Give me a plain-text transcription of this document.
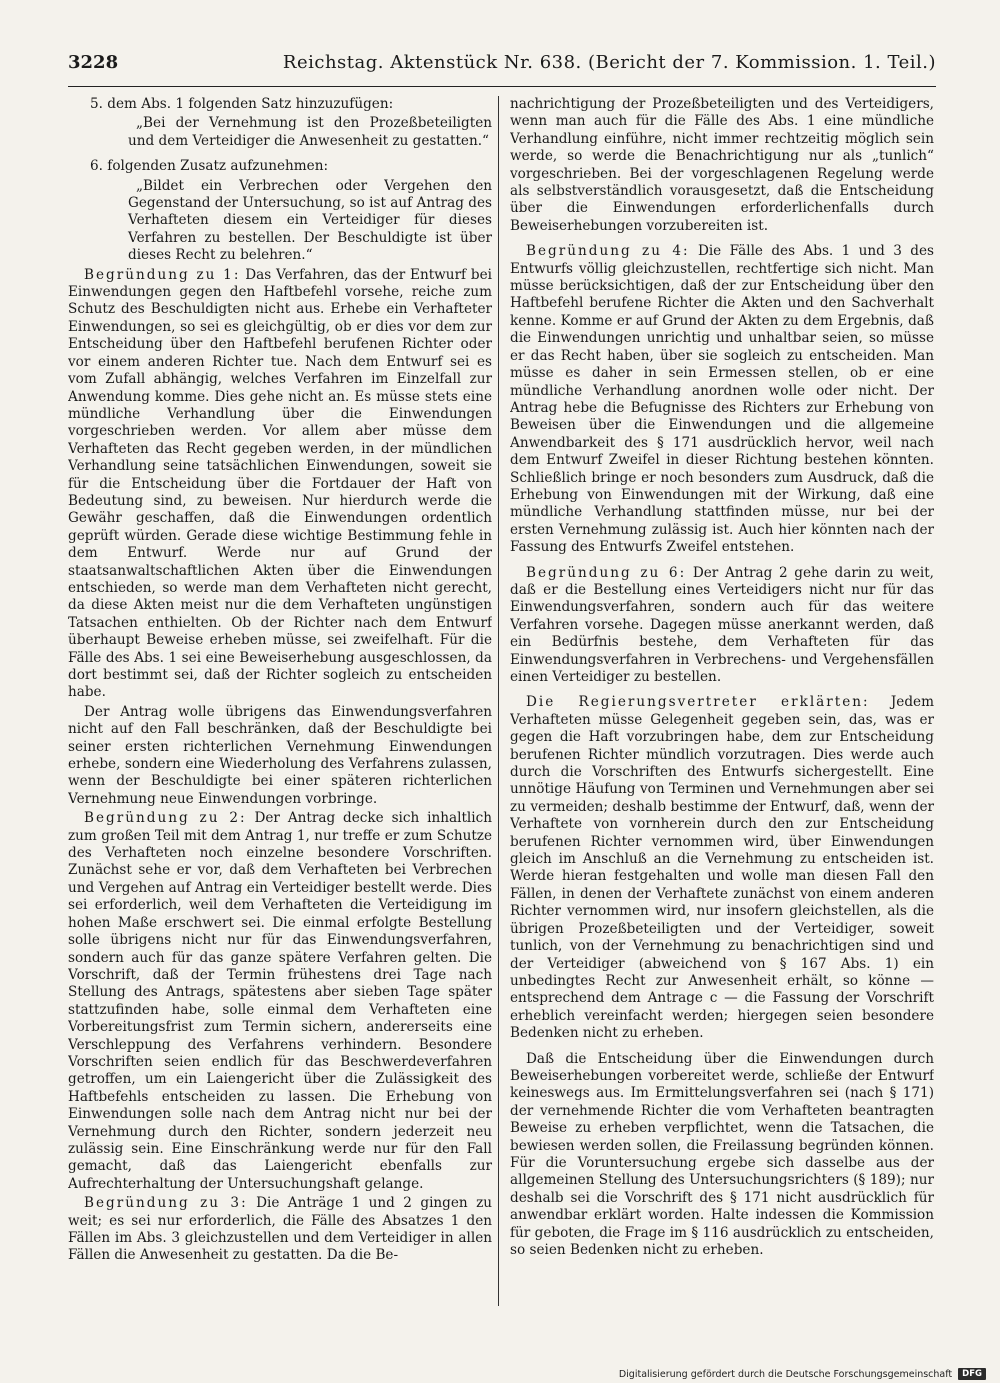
3228	Reichstag. Aktenstück Nr. 638. (Bericht der 7. Kommission. 1. Teil.)

5. dem Abs. 1 folgenden Satz hinzuzufügen:

„Bei der Vernehmung ist den Prozeßbeteiligten und dem Verteidiger die Anwesenheit zu gestatten.“

6. folgenden Zusatz aufzunehmen:

„Bildet ein Verbrechen oder Vergehen den Gegenstand der Untersuchung, so ist auf Antrag des Verhafteten diesem ein Verteidiger für dieses Verfahren zu bestellen. Der Beschuldigte ist über dieses Recht zu belehren.“

Begründung zu 1: Das Verfahren, das der Entwurf bei Einwendungen gegen den Haftbefehl vorsehe, reiche zum Schutz des Beschuldigten nicht aus. Erhebe ein Verhafteter Einwendungen, so sei es gleichgültig, ob er dies vor dem zur Entscheidung über den Haftbefehl berufenen Richter oder vor einem anderen Richter tue. Nach dem Entwurf sei es vom Zufall abhängig, welches Verfahren im Einzelfall zur Anwendung komme. Dies gehe nicht an. Es müsse stets eine mündliche Verhandlung über die Einwendungen vorgeschrieben werden. Vor allem aber müsse dem Verhafteten das Recht gegeben werden, in der mündlichen Verhandlung seine tatsächlichen Einwendungen, soweit sie für die Entscheidung über die Fortdauer der Haft von Bedeutung sind, zu beweisen. Nur hierdurch werde die Gewähr geschaffen, daß die Einwendungen ordentlich geprüft würden. Gerade diese wichtige Bestimmung fehle in dem Entwurf. Werde nur auf Grund der staatsanwaltschaftlichen Akten über die Einwendungen entschieden, so werde man dem Verhafteten nicht gerecht, da diese Akten meist nur die dem Verhafteten ungünstigen Tatsachen enthielten. Ob der Richter nach dem Entwurf überhaupt Beweise erheben müsse, sei zweifelhaft. Für die Fälle des Abs. 1 sei eine Beweiserhebung ausgeschlossen, da dort bestimmt sei, daß der Richter sogleich zu entscheiden habe.

Der Antrag wolle übrigens das Einwendungsverfahren nicht auf den Fall beschränken, daß der Beschuldigte bei seiner ersten richterlichen Vernehmung Einwendungen erhebe, sondern eine Wiederholung des Verfahrens zulassen, wenn der Beschuldigte bei einer späteren richterlichen Vernehmung neue Einwendungen vorbringe.

Begründung zu 2: Der Antrag decke sich inhaltlich zum großen Teil mit dem Antrag 1, nur treffe er zum Schutze des Verhafteten noch einzelne besondere Vorschriften. Zunächst sehe er vor, daß dem Verhafteten bei Verbrechen und Vergehen auf Antrag ein Verteidiger bestellt werde. Dies sei erforderlich, weil dem Verhafteten die Verteidigung im hohen Maße erschwert sei. Die einmal erfolgte Bestellung solle übrigens nicht nur für das Einwendungsverfahren, sondern auch für das ganze spätere Verfahren gelten. Die Vorschrift, daß der Termin frühestens drei Tage nach Stellung des Antrags, spätestens aber sieben Tage später stattzufinden habe, solle einmal dem Verhafteten eine Vorbereitungsfrist zum Termin sichern, andererseits eine Verschleppung des Verfahrens verhindern. Besondere Vorschriften seien endlich für das Beschwerdeverfahren getroffen, um ein Laiengericht über die Zulässigkeit des Haftbefehls entscheiden zu lassen. Die Erhebung von Einwendungen solle nach dem Antrag nicht nur bei der Vernehmung durch den Richter, sondern jederzeit neu zulässig sein. Eine Einschränkung werde nur für den Fall gemacht, daß das Laiengericht ebenfalls zur Aufrechterhaltung der Untersuchungshaft gelange.

Begründung zu 3: Die Anträge 1 und 2 gingen zu weit; es sei nur erforderlich, die Fälle des Absatzes 1 den Fällen im Abs. 3 gleichzustellen und dem Verteidiger in allen Fällen die Anwesenheit zu gestatten. Da die Be-

nachrichtigung der Prozeßbeteiligten und des Verteidigers, wenn man auch für die Fälle des Abs. 1 eine mündliche Verhandlung einführe, nicht immer rechtzeitig möglich sein werde, so werde die Benachrichtigung nur als „tunlich“ vorgeschrieben. Bei der vorgeschlagenen Regelung werde als selbstverständlich vorausgesetzt, daß die Entscheidung über die Einwendungen erforderlichenfalls durch Beweiserhebungen vorzubereiten ist.

Begründung zu 4: Die Fälle des Abs. 1 und 3 des Entwurfs völlig gleichzustellen, rechtfertige sich nicht. Man müsse berücksichtigen, daß der zur Entscheidung über den Haftbefehl berufene Richter die Akten und den Sachverhalt kenne. Komme er auf Grund der Akten zu dem Ergebnis, daß die Einwendungen unrichtig und unhaltbar seien, so müsse er das Recht haben, über sie sogleich zu entscheiden. Man müsse es daher in sein Ermessen stellen, ob er eine mündliche Verhandlung anordnen wolle oder nicht. Der Antrag hebe die Befugnisse des Richters zur Erhebung von Beweisen über die Einwendungen und die allgemeine Anwendbarkeit des § 171 ausdrücklich hervor, weil nach dem Entwurf Zweifel in dieser Richtung bestehen könnten. Schließlich bringe er noch besonders zum Ausdruck, daß die Erhebung von Einwendungen mit der Wirkung, daß eine mündliche Verhandlung stattfinden müsse, nur bei der ersten Vernehmung zulässig ist. Auch hier könnten nach der Fassung des Entwurfs Zweifel entstehen.

Begründung zu 6: Der Antrag 2 gehe darin zu weit, daß er die Bestellung eines Verteidigers nicht nur für das Einwendungsverfahren, sondern auch für das weitere Verfahren vorsehe. Dagegen müsse anerkannt werden, daß ein Bedürfnis bestehe, dem Verhafteten für das Einwendungsverfahren in Verbrechens- und Vergehensfällen einen Verteidiger zu bestellen.

Die Regierungsvertreter erklärten: Jedem Verhafteten müsse Gelegenheit gegeben sein, das, was er gegen die Haft vorzubringen habe, dem zur Entscheidung berufenen Richter mündlich vorzutragen. Dies werde auch durch die Vorschriften des Entwurfs sichergestellt. Eine unnötige Häufung von Terminen und Vernehmungen aber sei zu vermeiden; deshalb bestimme der Entwurf, daß, wenn der Verhaftete von vornherein durch den zur Entscheidung berufenen Richter vernommen wird, über Einwendungen gleich im Anschluß an die Vernehmung zu entscheiden ist. Werde hieran festgehalten und wolle man diesen Fall den Fällen, in denen der Verhaftete zunächst von einem anderen Richter vernommen wird, nur insofern gleichstellen, als die übrigen Prozeßbeteiligten und der Verteidiger, soweit tunlich, von der Vernehmung zu benachrichtigen sind und der Verteidiger (abweichend von § 167 Abs. 1) ein unbedingtes Recht zur Anwesenheit erhält, so könne — entsprechend dem Antrage c — die Fassung der Vorschrift erheblich vereinfacht werden; hiergegen seien besondere Bedenken nicht zu erheben.

Daß die Entscheidung über die Einwendungen durch Beweiserhebungen vorbereitet werde, schließe der Entwurf keineswegs aus. Im Ermittelungsverfahren sei (nach § 171) der vernehmende Richter die vom Verhafteten beantragten Beweise zu erheben verpflichtet, wenn die Tatsachen, die bewiesen werden sollen, die Freilassung begründen können. Für die Voruntersuchung ergebe sich dasselbe aus der allgemeinen Stellung des Untersuchungsrichters (§ 189); nur deshalb sei die Vorschrift des § 171 nicht ausdrücklich für anwendbar erklärt worden. Halte indessen die Kommission für geboten, die Frage im § 116 ausdrücklich zu entscheiden, so seien Bedenken nicht zu erheben.

Digitalisierung gefördert durch die Deutsche Forschungsgemeinschaft	DFG
